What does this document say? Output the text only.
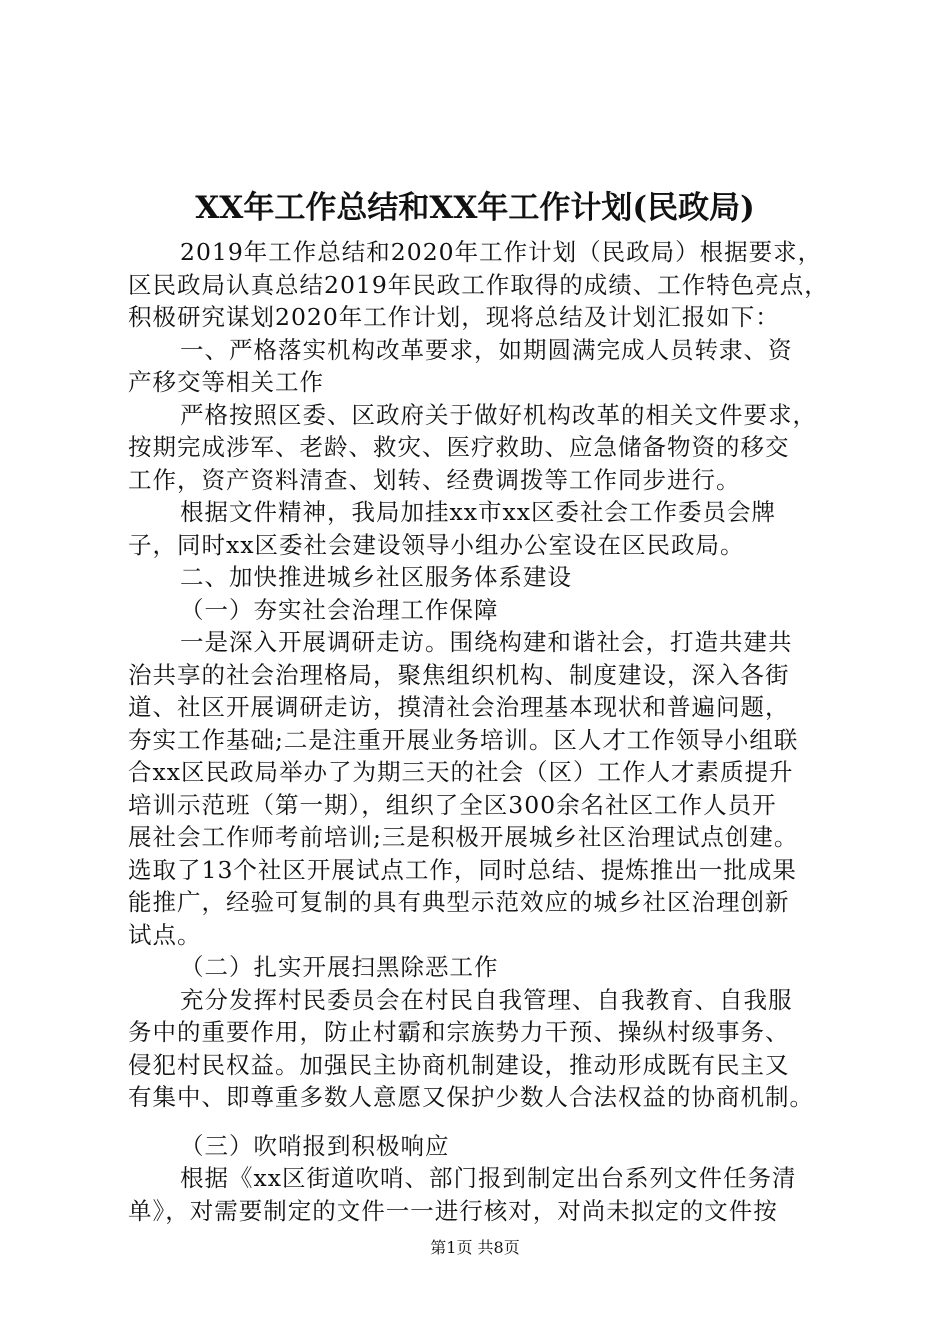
XX年工作总结和XX年工作计划(民政局)
2019年工作总结和2020年工作计划（民政局）根据要求，
区民政局认真总结2019年民政工作取得的成绩、工作特色亮点，
积极研究谋划2020年工作计划，现将总结及计划汇报如下：
一、严格落实机构改革要求，如期圆满完成人员转隶、资
产移交等相关工作
严格按照区委、区政府关于做好机构改革的相关文件要求，
按期完成涉军、老龄、救灾、医疗救助、应急储备物资的移交
工作，资产资料清查、划转、经费调拨等工作同步进行。
根据文件精神，我局加挂xx市xx区委社会工作委员会牌
子，同时xx区委社会建设领导小组办公室设在区民政局。
二、加快推进城乡社区服务体系建设
（一）夯实社会治理工作保障
一是深入开展调研走访。围绕构建和谐社会，打造共建共
治共享的社会治理格局，聚焦组织机构、制度建设，深入各街
道、社区开展调研走访，摸清社会治理基本现状和普遍问题，
夯实工作基础;二是注重开展业务培训。区人才工作领导小组联
合xx区民政局举办了为期三天的社会（区）工作人才素质提升
培训示范班（第一期），组织了全区300余名社区工作人员开
展社会工作师考前培训;三是积极开展城乡社区治理试点创建。
选取了13个社区开展试点工作，同时总结、提炼推出一批成果
能推广，经验可复制的具有典型示范效应的城乡社区治理创新
试点。
（二）扎实开展扫黑除恶工作
充分发挥村民委员会在村民自我管理、自我教育、自我服
务中的重要作用，防止村霸和宗族势力干预、操纵村级事务、
侵犯村民权益。加强民主协商机制建设，推动形成既有民主又
有集中、即尊重多数人意愿又保护少数人合法权益的协商机制。
（三）吹哨报到积极响应
根据《xx区街道吹哨、部门报到制定出台系列文件任务清
单》，对需要制定的文件一一进行核对，对尚未拟定的文件按
第1页 共8页
